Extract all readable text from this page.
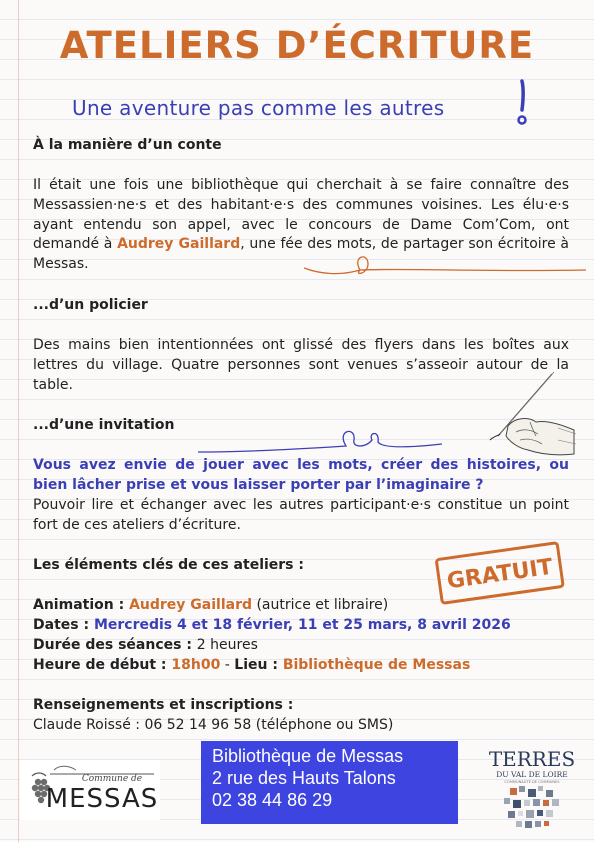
ATELIERS D’ÉCRITURE
Une aventure pas comme les autres
À la manière d’un conte
Il était une fois une bibliothèque qui cherchait à se faire connaître des Messassien·ne·s et des habitant·e·s des communes voisines. Les élu·e·s ayant entendu son appel, avec le concours de Dame Com’Com, ont demandé à Audrey Gaillard, une fée des mots, de partager son écritoire à Messas.
...d’un policier
Des mains bien intentionnées ont glissé des flyers dans les boîtes aux lettres du village. Quatre personnes sont venues s’asseoir autour de la table.
...d’une invitation
Vous avez envie de jouer avec les mots, créer des histoires, ou bien lâcher prise et vous laisser porter par l’imaginaire ?
Pouvoir lire et échanger avec les autres participant·e·s constitue un point fort de ces ateliers d’écriture.
Les éléments clés de ces ateliers :	GRATUIT
Animation : Audrey Gaillard (autrice et libraire)
Dates : Mercredis 4 et 18 février, 11 et 25 mars, 8 avril 2026
Durée des séances : 2 heures
Heure de début : 18h00 - Lieu : Bibliothèque de Messas
Renseignements et inscriptions :
Claude Roissé : 06 52 14 96 58 (téléphone ou SMS)
Commune de
MESSAS
Bibliothèque de Messas
2 rue des Hauts Talons
02 38 44 86 29
TERRES
DU VAL DE LOIRE
COMMUNAUTÉ DE COMMUNES
